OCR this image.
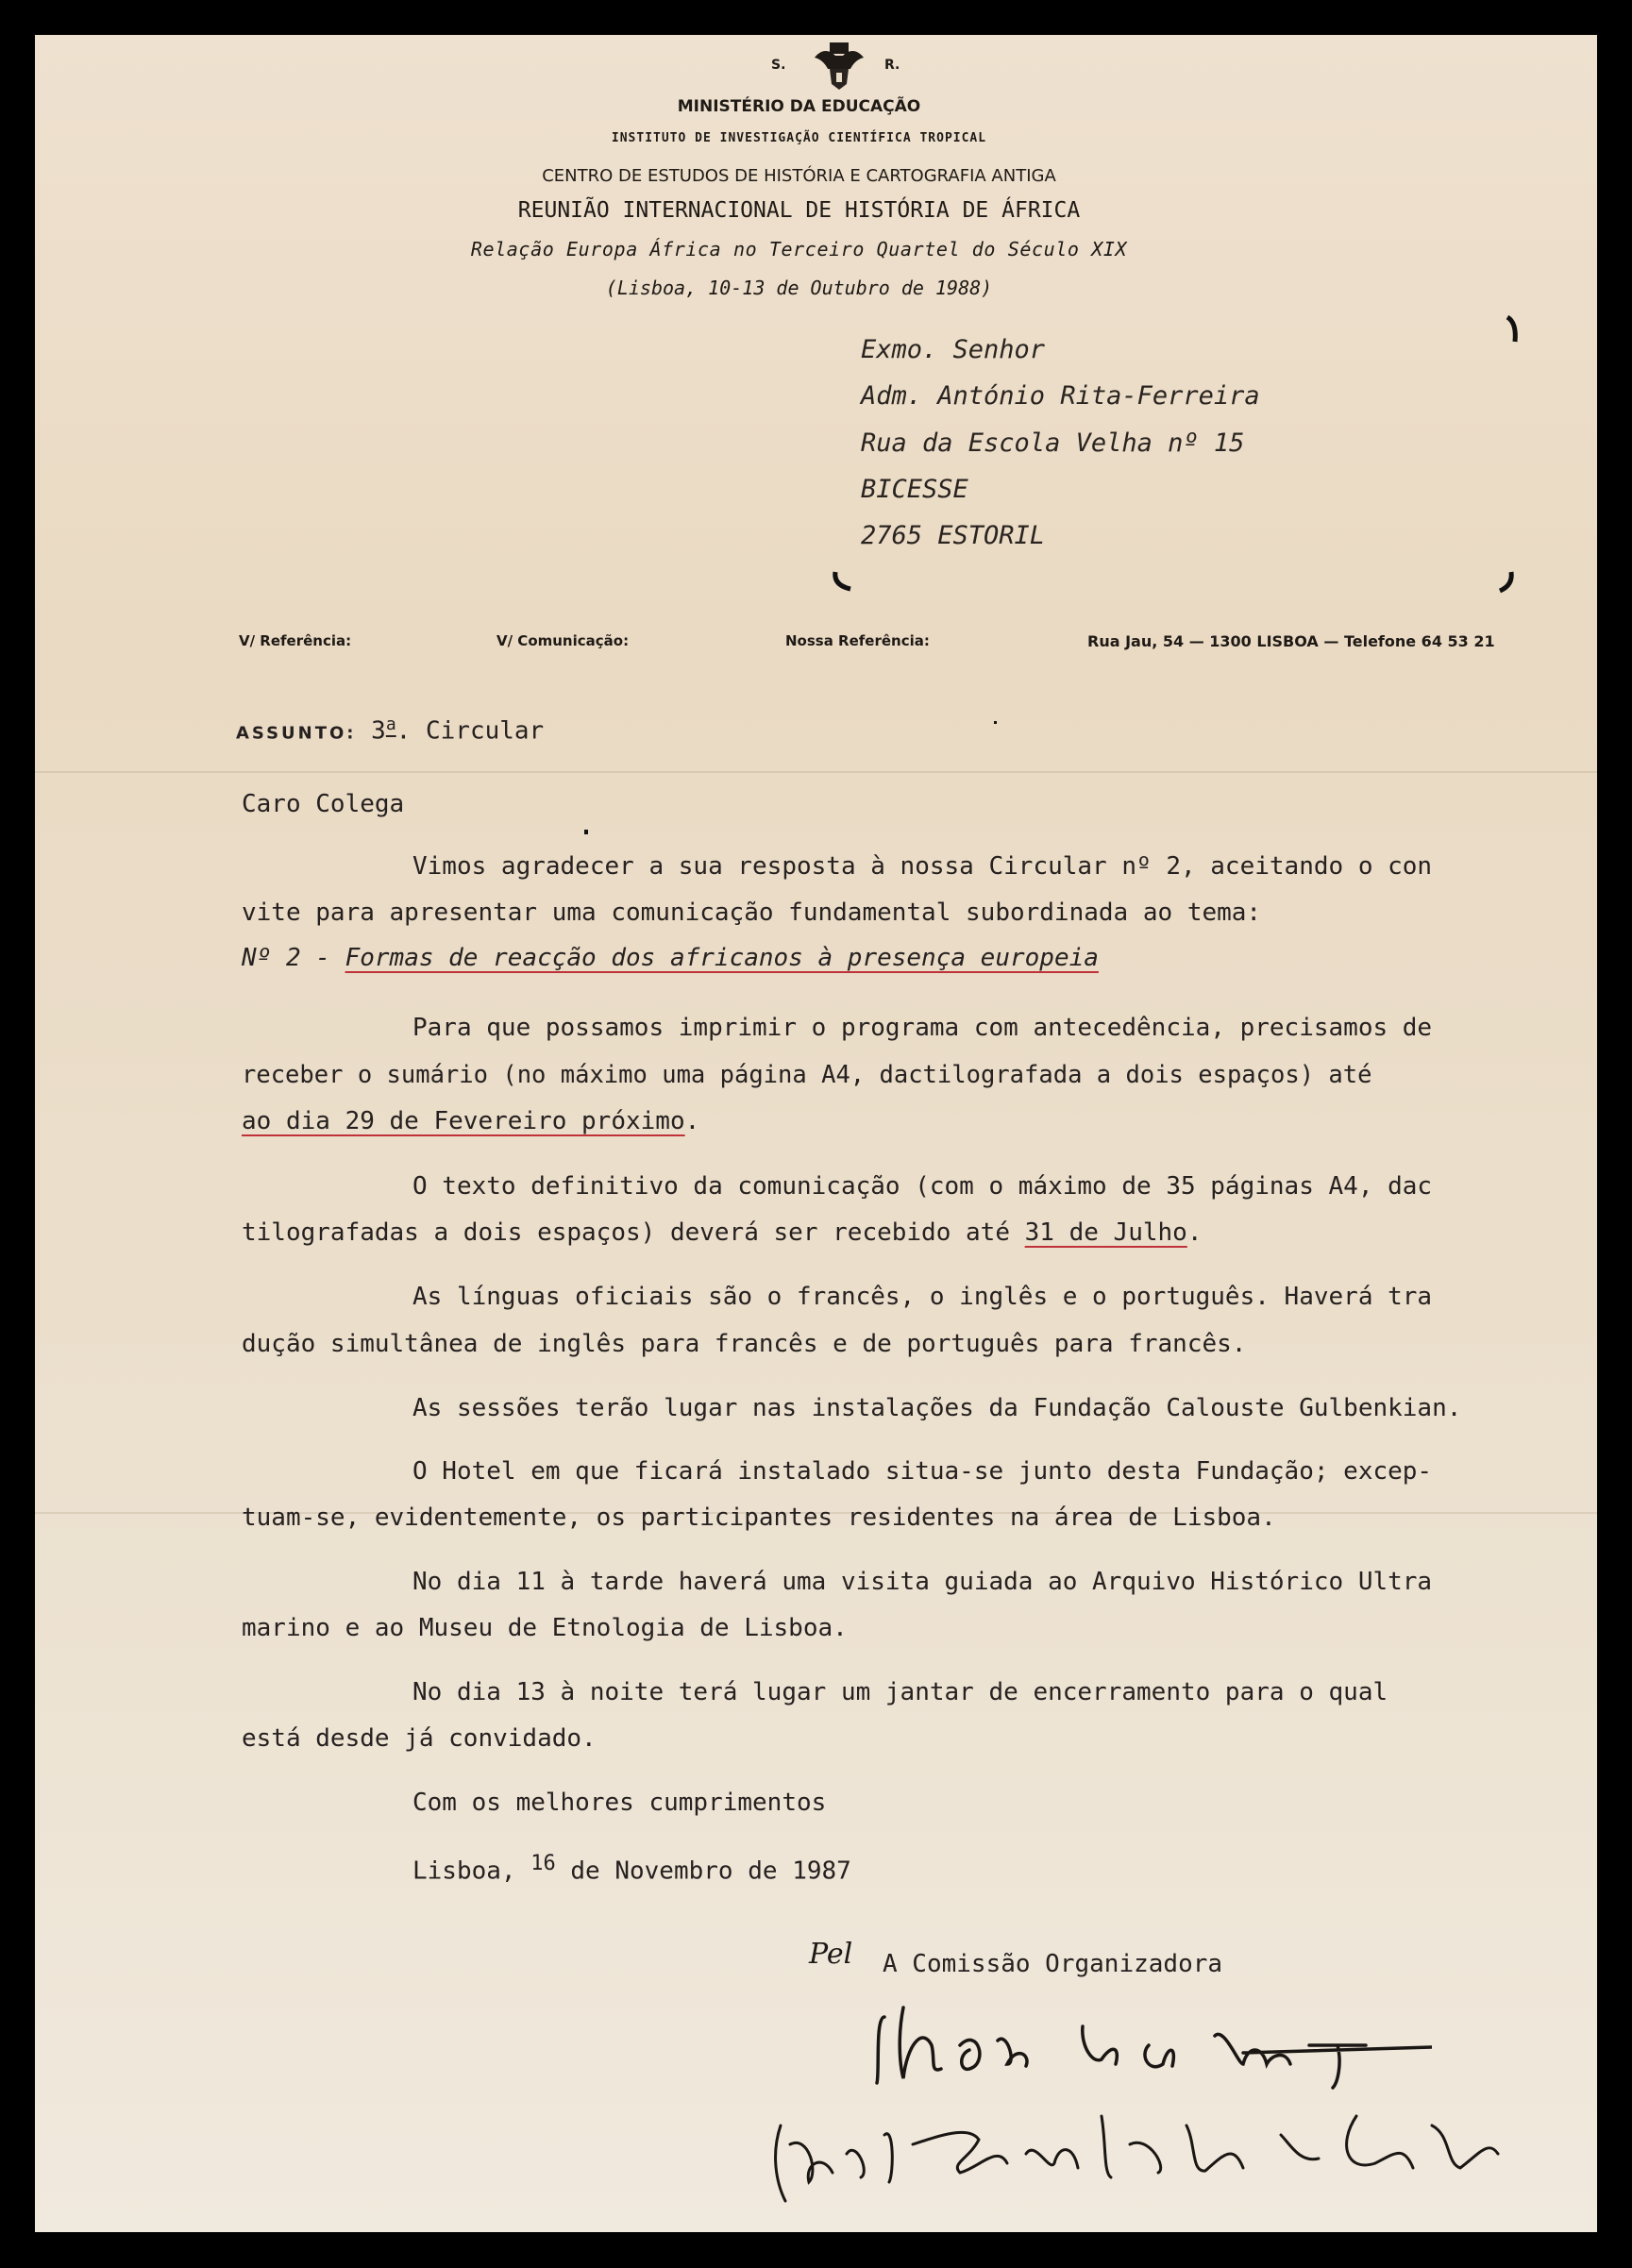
S.	R.
MINISTÉRIO DA EDUCAÇÃO
INSTITUTO DE INVESTIGAÇÃO CIENTÍFICA TROPICAL
CENTRO DE ESTUDOS DE HISTÓRIA E CARTOGRAFIA ANTIGA
REUNIÃO INTERNACIONAL DE HISTÓRIA DE ÁFRICA
Relação Europa África no Terceiro Quartel do Século XIX
(Lisboa, 10-13 de Outubro de 1988)
Exmo. Senhor
Adm. António Rita-Ferreira
Rua da Escola Velha nº 15
BICESSE
2765 ESTORIL
V/ Referência:	V/ Comunicação:	Nossa Referência:	Rua Jau, 54 — 1300 LISBOA — Telefone 64 53 21
ASSUNTO: 3$^a$. Circular
Caro Colega
Vimos agradecer a sua resposta à nossa Circular nº 2, aceitando o con
vite para apresentar uma comunicação fundamental subordinada ao tema:
Nº 2 - Formas de reacção dos africanos à presença europeia
Para que possamos imprimir o programa com antecedência, precisamos de
receber o sumário (no máximo uma página A4, dactilografada a dois espaços) até
ao dia 29 de Fevereiro próximo.
O texto definitivo da comunicação (com o máximo de 35 páginas A4, dac
tilografadas a dois espaços) deverá ser recebido até 31 de Julho.
As línguas oficiais são o francês, o inglês e o português. Haverá tra
dução simultânea de inglês para francês e de português para francês.
As sessões terão lugar nas instalações da Fundação Calouste Gulbenkian.
O Hotel em que ficará instalado situa-se junto desta Fundação; excep-
tuam-se, evidentemente, os participantes residentes na área de Lisboa.
No dia 11 à tarde haverá uma visita guiada ao Arquivo Histórico Ultra
marino e ao Museu de Etnologia de Lisboa.
No dia 13 à noite terá lugar um jantar de encerramento para o qual
está desde já convidado.
Com os melhores cumprimentos
Lisboa, $^{16}$ de Novembro de 1987
Pel A Comissão Organizadora
